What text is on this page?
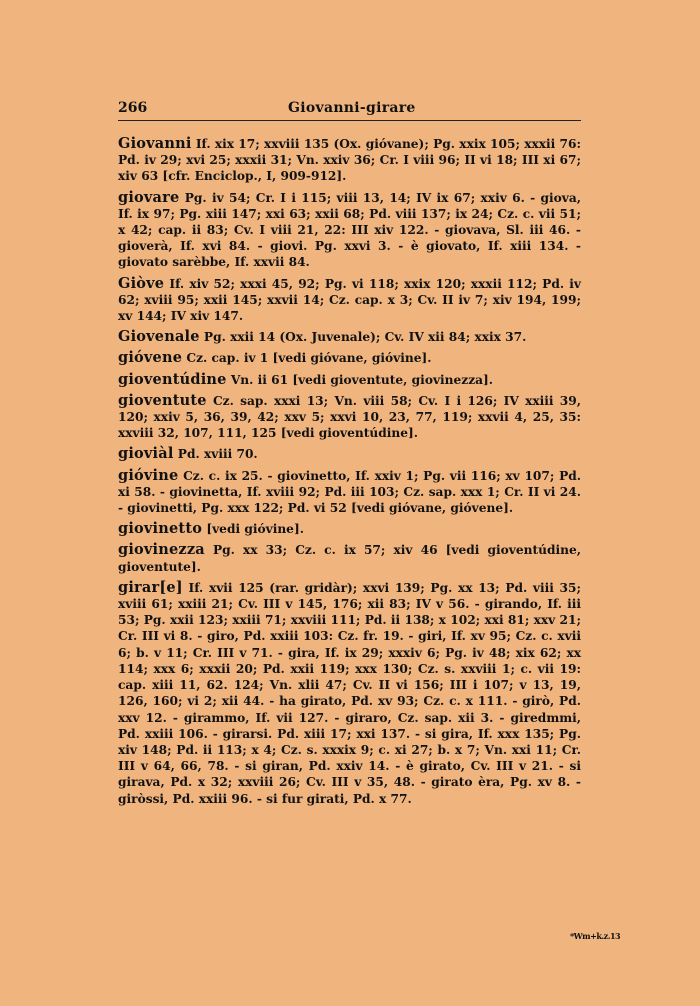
266	Giovanni-girare

Giovanni If. xix 17; xxviii 135 (Ox. gióvane); Pg. xxix 105; xxxii 76: Pd. iv 29; xvi 25; xxxii 31; Vn. xxiv 36; Cr. I viii 96; II vi 18; III xi 67; xiv 63 [cfr. Enciclop., I, 909-912].

giovare Pg. iv 54; Cr. I i 115; viii 13, 14; IV ix 67; xxiv 6. - giova, If. ix 97; Pg. xiii 147; xxi 63; xxii 68; Pd. viii 137; ix 24; Cz. c. vii 51; x 42; cap. ii 83; Cv. I viii 21, 22: III xiv 122. - giovava, Sl. iii 46. - gioverà, If. xvi 84. - giovi. Pg. xxvi 3. - è giovato, If. xiii 134. - giovato sarèbbe, If. xxvii 84.

Giòve If. xiv 52; xxxi 45, 92; Pg. vi 118; xxix 120; xxxii 112; Pd. iv 62; xviii 95; xxii 145; xxvii 14; Cz. cap. x 3; Cv. II iv 7; xiv 194, 199; xv 144; IV xiv 147.

Giovenale Pg. xxii 14 (Ox. Juvenale); Cv. IV xii 84; xxix 37.

gióvene Cz. cap. iv 1 [vedi gióvane, gióvine].

gioventúdine Vn. ii 61 [vedi gioventute, giovinezza].

gioventute Cz. sap. xxxi 13; Vn. viii 58; Cv. I i 126; IV xxiii 39, 120; xxiv 5, 36, 39, 42; xxv 5; xxvi 10, 23, 77, 119; xxvii 4, 25, 35: xxviii 32, 107, 111, 125 [vedi gioventúdine].

gioviàl Pd. xviii 70.

gióvine Cz. c. ix 25. - giovinetto, If. xxiv 1; Pg. vii 116; xv 107; Pd. xi 58. - giovinetta, If. xviii 92; Pd. iii 103; Cz. sap. xxx 1; Cr. II vi 24. - giovinetti, Pg. xxx 122; Pd. vi 52 [vedi gióvane, gióvene].

giovinetto [vedi gióvine].

giovinezza Pg. xx 33; Cz. c. ix 57; xiv 46 [vedi gioventúdine, gioventute].

girar[e] If. xvii 125 (rar. gridàr); xxvi 139; Pg. xx 13; Pd. viii 35; xviii 61; xxiii 21; Cv. III v 145, 176; xii 83; IV v 56. - girando, If. iii 53; Pg. xxii 123; xxiii 71; xxviii 111; Pd. ii 138; x 102; xxi 81; xxv 21; Cr. III vi 8. - giro, Pd. xxiii 103: Cz. fr. 19. - giri, If. xv 95; Cz. c. xvii 6; b. v 11; Cr. III v 71. - gira, If. ix 29; xxxiv 6; Pg. iv 48; xix 62; xx 114; xxx 6; xxxii 20; Pd. xxii 119; xxx 130; Cz. s. xxviii 1; c. vii 19: cap. xiii 11, 62. 124; Vn. xlii 47; Cv. II vi 156; III i 107; v 13, 19, 126, 160; vi 2; xii 44. - ha girato, Pd. xv 93; Cz. c. x 111. - girò, Pd. xxv 12. - girammo, If. vii 127. - giraro, Cz. sap. xii 3. - giredmmi, Pd. xxiii 106. - girarsi. Pd. xiii 17; xxi 137. - si gira, If. xxx 135; Pg. xiv 148; Pd. ii 113; x 4; Cz. s. xxxix 9; c. xi 27; b. x 7; Vn. xxi 11; Cr. III v 64, 66, 78. - si giran, Pd. xxiv 14. - è girato, Cv. III v 21. - si girava, Pd. x 32; xxviii 26; Cv. III v 35, 48. - girato èra, Pg. xv 8. - giròssi, Pd. xxiii 96. - si fur girati, Pd. x 77.

*Wm+k.z.13
